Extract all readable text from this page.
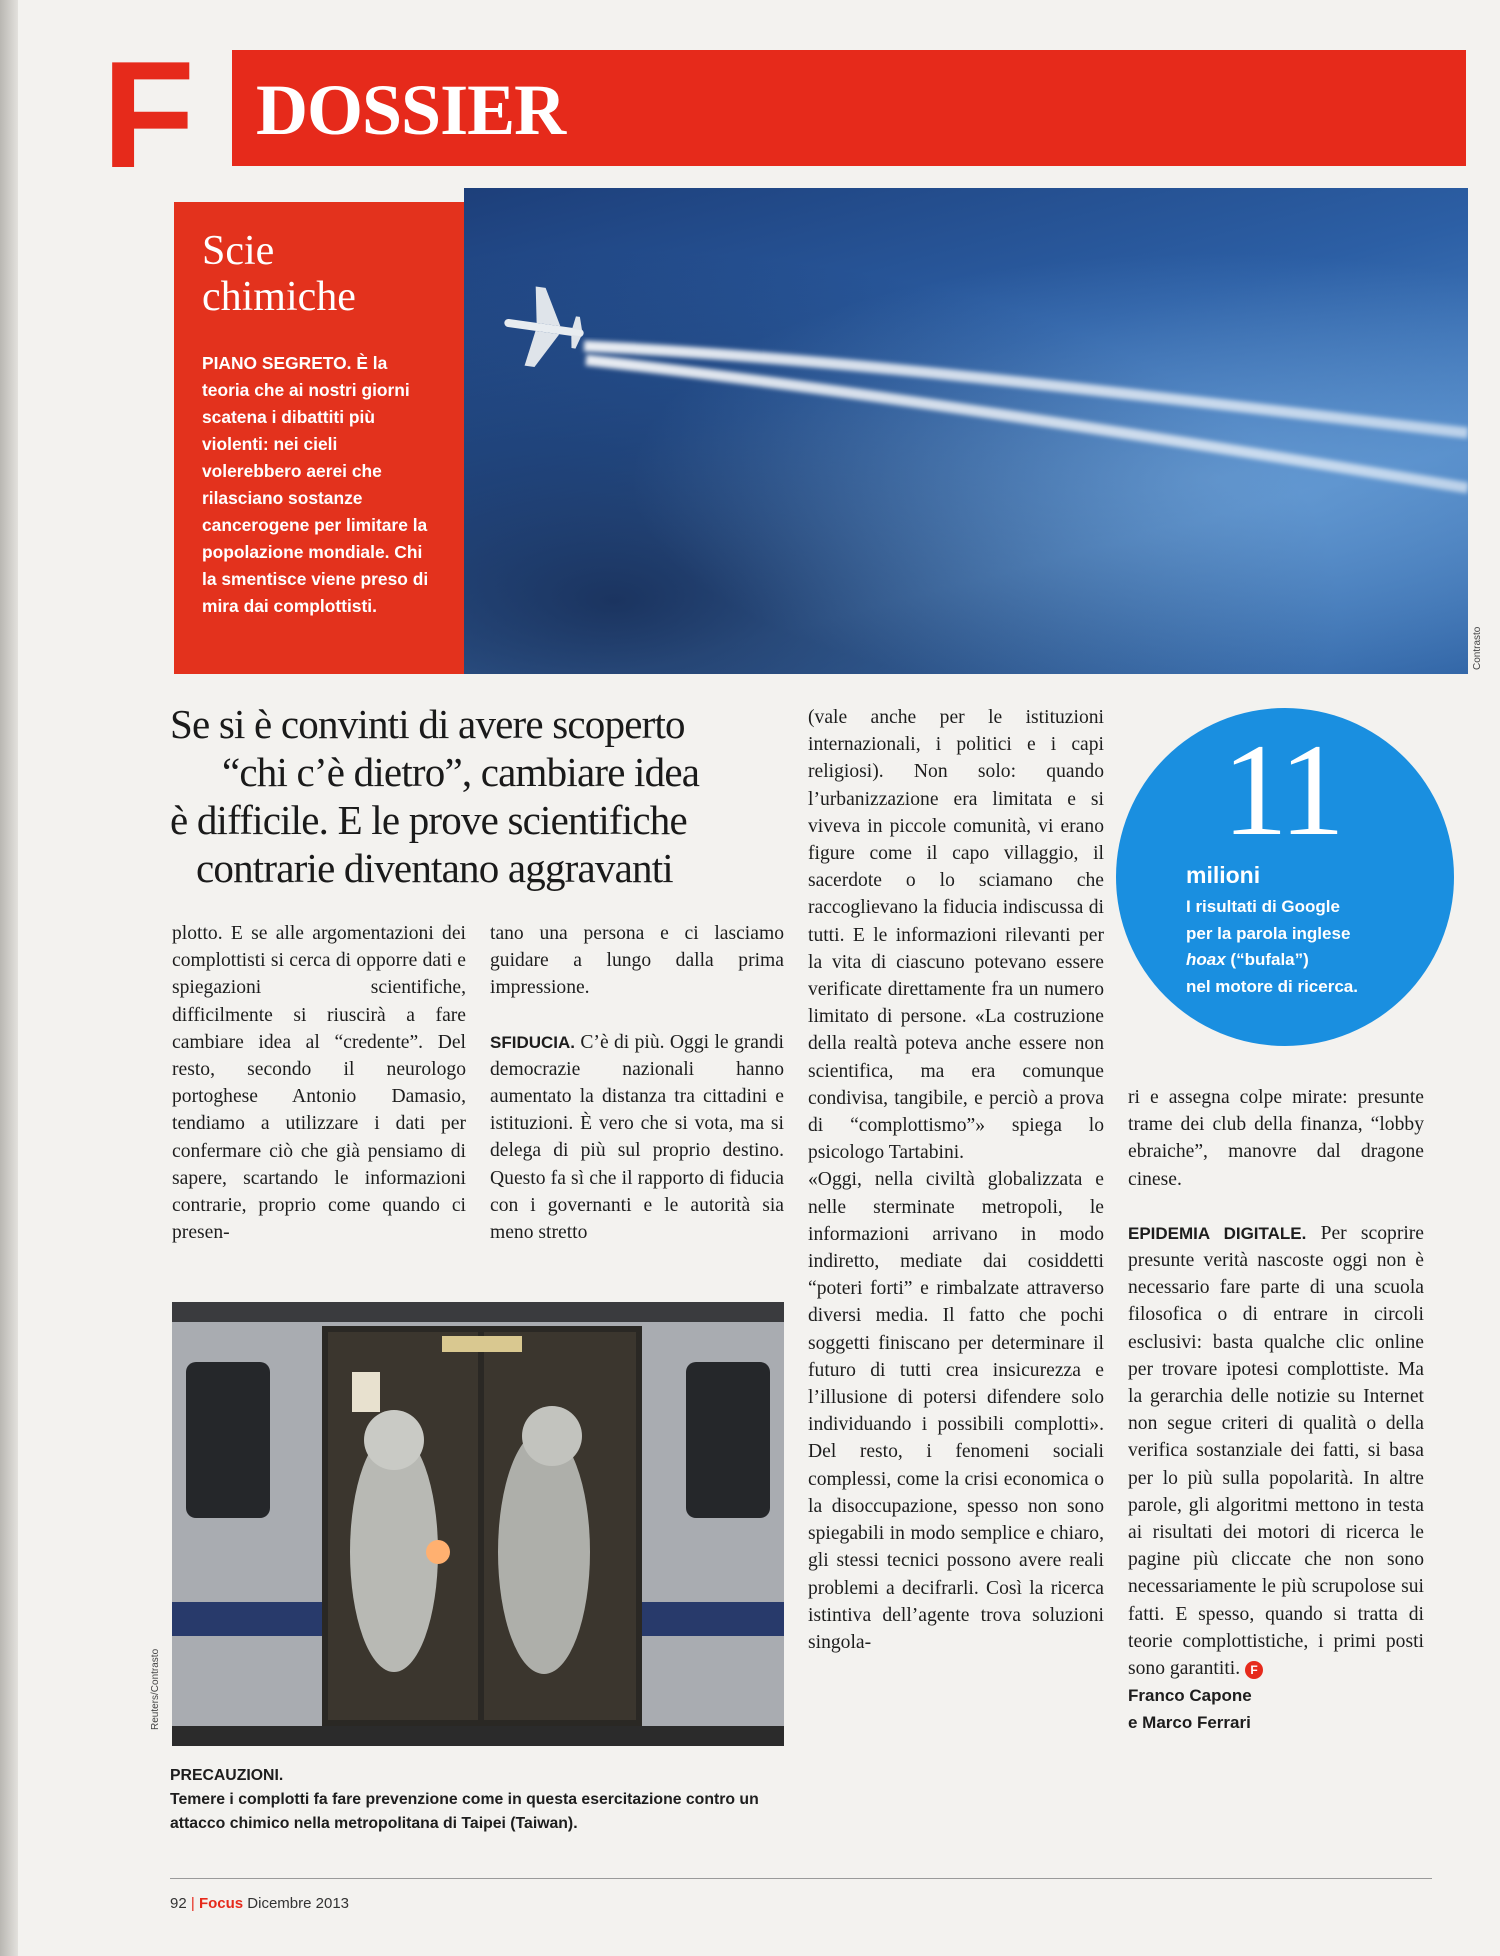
F DOSSIER
Scie
chimiche

PIANO SEGRETO. È la teoria che ai nostri giorni scatena i dibattiti più violenti: nei cieli volerebbero aerei che rilasciano sostanze cancerogene per limitare la popolazione mondiale. Chi la smentisce viene preso di mira dai complottisti.

Contrasto
Se si è convinti di avere scoperto
“chi c’è dietro”, cambiare idea
è difficile. E le prove scientifiche
contrarie diventano aggravanti

plotto. E se alle argomentazioni dei complottisti si cerca di opporre dati e spiegazioni scientifiche, difficilmente si riuscirà a fare cambiare idea al “credente”. Del resto, secondo il neurologo portoghese Antonio Damasio, tendiamo a utilizzare i dati per confermare ciò che già pensiamo di sapere, scartando le informazioni contrarie, proprio come quando ci presen-

tano una persona e ci lasciamo guidare a lungo dalla prima impressione.

SFIDUCIA. C’è di più. Oggi le grandi democrazie nazionali hanno aumentato la distanza tra cittadini e istituzioni. È vero che si vota, ma si delega di più sul proprio destino. Questo fa sì che il rapporto di fiducia con i governanti e le autorità sia meno stretto

(vale anche per le istituzioni internazionali, i politici e i capi religiosi). Non solo: quando l’urbanizzazione era limitata e si viveva in piccole comunità, vi erano figure come il capo villaggio, il sacerdote o lo sciamano che raccoglievano la fiducia indiscussa di tutti. E le informazioni rilevanti per la vita di ciascuno potevano essere verificate direttamente fra un numero limitato di persone. «La costruzione della realtà poteva anche essere non scientifica, ma era comunque condivisa, tangibile, e perciò a prova di “complottismo”» spiega lo psicologo Tartabini.

«Oggi, nella civiltà globalizzata e nelle sterminate metropoli, le informazioni arrivano in modo indiretto, mediate dai cosiddetti “poteri forti” e rimbalzate attraverso diversi media. Il fatto che pochi soggetti finiscano per determinare il futuro di tutti crea insicurezza e l’illusione di potersi difendere solo individuando i possibili complotti». Del resto, i fenomeni sociali complessi, come la crisi economica o la disoccupazione, spesso non sono spiegabili in modo semplice e chiaro, gli stessi tecnici possono avere reali problemi a decifrarli. Così la ricerca istintiva dell’agente trova soluzioni singola-

11
milioni
I risultati di Google
per la parola inglese
hoax (“bufala”)
nel motore di ricerca.

ri e assegna colpe mirate: presunte trame dei club della finanza, “lobby ebraiche”, manovre dal dragone cinese.

EPIDEMIA DIGITALE. Per scoprire presunte verità nascoste oggi non è necessario fare parte di una scuola filosofica o di entrare in circoli esclusivi: basta qualche clic online per trovare ipotesi complottiste. Ma la gerarchia delle notizie su Internet non segue criteri di qualità o della verifica sostanziale dei fatti, si basa per lo più sulla popolarità. In altre parole, gli algoritmi mettono in testa ai risultati dei motori di ricerca le pagine più cliccate che non sono necessariamente le più scrupolose sui fatti. E spesso, quando si tratta di teorie complottistiche, i primi posti sono garantiti. F

Franco Capone
e Marco Ferrari
Reuters/Contrasto

PRECAUZIONI.

Temere i complotti fa fare prevenzione come in questa esercitazione contro un attacco chimico nella metropolitana di Taipei (Taiwan).

92 | Focus Dicembre 2013
